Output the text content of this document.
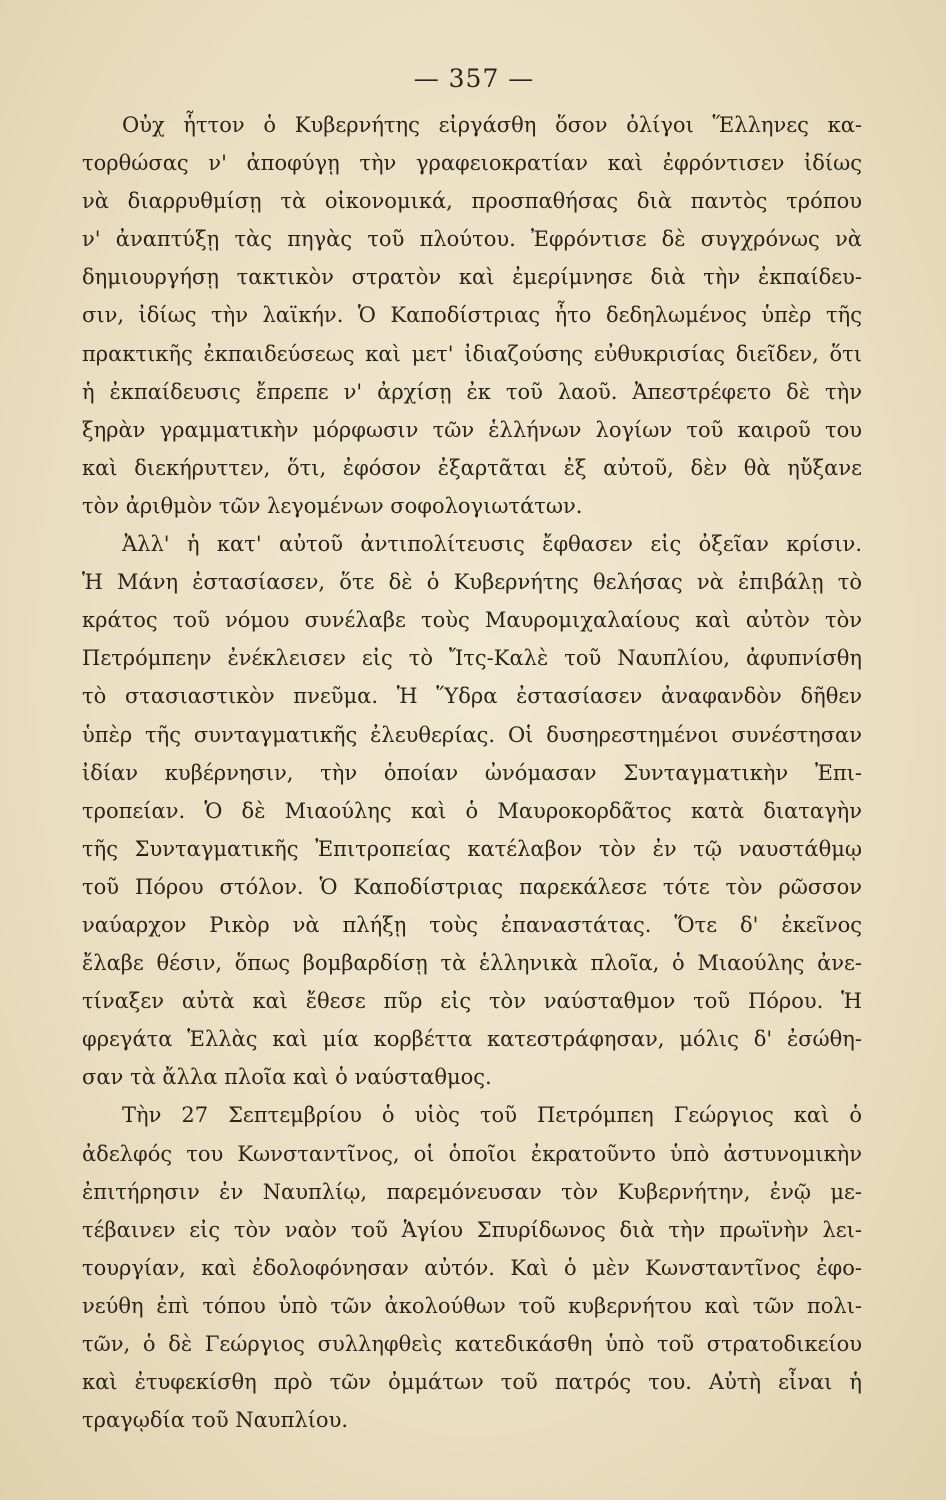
— 357 —
Οὐχ ἧττον ὁ Κυβερνήτης εἰργάσθη ὅσον ὀλίγοι Ἕλληνες κα-
τορθώσας ν' ἀποφύγῃ τὴν γραφειοκρατίαν καὶ ἐφρόντισεν ἰδίως
νὰ διαρρυθμίσῃ τὰ οἰκονομικά, προσπαθήσας διὰ παντὸς τρόπου
ν' ἀναπτύξῃ τὰς πηγὰς τοῦ πλούτου. Ἐφρόντισε δὲ συγχρόνως νὰ
δημιουργήσῃ τακτικὸν στρατὸν καὶ ἐμερίμνησε διὰ τὴν ἐκπαίδευ-
σιν, ἰδίως τὴν λαϊκήν. Ὁ Καποδίστριας ἦτο δεδηλωμένος ὑπὲρ τῆς
πρακτικῆς ἐκπαιδεύσεως καὶ μετ' ἰδιαζούσης εὐθυκρισίας διεῖδεν, ὅτι
ἡ ἐκπαίδευσις ἔπρεπε ν' ἀρχίσῃ ἐκ τοῦ λαοῦ. Ἀπεστρέφετο δὲ τὴν
ξηρὰν γραμματικὴν μόρφωσιν τῶν ἑλλήνων λογίων τοῦ καιροῦ του
καὶ διεκήρυττεν, ὅτι, ἐφόσον ἐξαρτᾶται ἐξ αὐτοῦ, δὲν θὰ ηὔξανε
τὸν ἀριθμὸν τῶν λεγομένων σοφολογιωτάτων.
Ἀλλ' ἡ κατ' αὐτοῦ ἀντιπολίτευσις ἔφθασεν εἰς ὀξεῖαν κρίσιν.
Ἡ Μάνη ἐστασίασεν, ὅτε δὲ ὁ Κυβερνήτης θελήσας νὰ ἐπιβάλῃ τὸ
κράτος τοῦ νόμου συνέλαβε τοὺς Μαυρομιχαλαίους καὶ αὐτὸν τὸν
Πετρόμπεην ἐνέκλεισεν εἰς τὸ Ἴτς-Καλὲ τοῦ Ναυπλίου, ἀφυπνίσθη
τὸ στασιαστικὸν πνεῦμα. Ἡ Ὕδρα ἐστασίασεν ἀναφανδὸν δῆθεν
ὑπὲρ τῆς συνταγματικῆς ἐλευθερίας. Οἱ δυσηρεστημένοι συνέστησαν
ἰδίαν κυβέρνησιν, τὴν ὁποίαν ὠνόμασαν Συνταγματικὴν Ἐπι-
τροπείαν. Ὁ δὲ Μιαούλης καὶ ὁ Μαυροκορδᾶτος κατὰ διαταγὴν
τῆς Συνταγματικῆς Ἐπιτροπείας κατέλαβον τὸν ἐν τῷ ναυστάθμῳ
τοῦ Πόρου στόλον. Ὁ Καποδίστριας παρεκάλεσε τότε τὸν ρῶσσον
ναύαρχον Ρικὸρ νὰ πλήξῃ τοὺς ἐπαναστάτας. Ὅτε δ' ἐκεῖνος
ἔλαβε θέσιν, ὅπως βομβαρδίσῃ τὰ ἑλληνικὰ πλοῖα, ὁ Μιαούλης ἀνε-
τίναξεν αὐτὰ καὶ ἔθεσε πῦρ εἰς τὸν ναύσταθμον τοῦ Πόρου. Ἡ
φρεγάτα Ἑλλὰς καὶ μία κορβέττα κατεστράφησαν, μόλις δ' ἐσώθη-
σαν τὰ ἄλλα πλοῖα καὶ ὁ ναύσταθμος.
Τὴν 27 Σεπτεμβρίου ὁ υἱὸς τοῦ Πετρόμπεη Γεώργιος καὶ ὁ
ἀδελφός του Κωνσταντῖνος, οἱ ὁποῖοι ἐκρατοῦντο ὑπὸ ἀστυνομικὴν
ἐπιτήρησιν ἐν Ναυπλίῳ, παρεμόνευσαν τὸν Κυβερνήτην, ἐνῷ με-
τέβαινεν εἰς τὸν ναὸν τοῦ Ἁγίου Σπυρίδωνος διὰ τὴν πρωϊνὴν λει-
τουργίαν, καὶ ἐδολοφόνησαν αὐτόν. Καὶ ὁ μὲν Κωνσταντῖνος ἐφο-
νεύθη ἐπὶ τόπου ὑπὸ τῶν ἀκολούθων τοῦ κυβερνήτου καὶ τῶν πολι-
τῶν, ὁ δὲ Γεώργιος συλληφθεὶς κατεδικάσθη ὑπὸ τοῦ στρατοδικείου
καὶ ἐτυφεκίσθη πρὸ τῶν ὀμμάτων τοῦ πατρός του. Αὐτὴ εἶναι ἡ
τραγῳδία τοῦ Ναυπλίου.
